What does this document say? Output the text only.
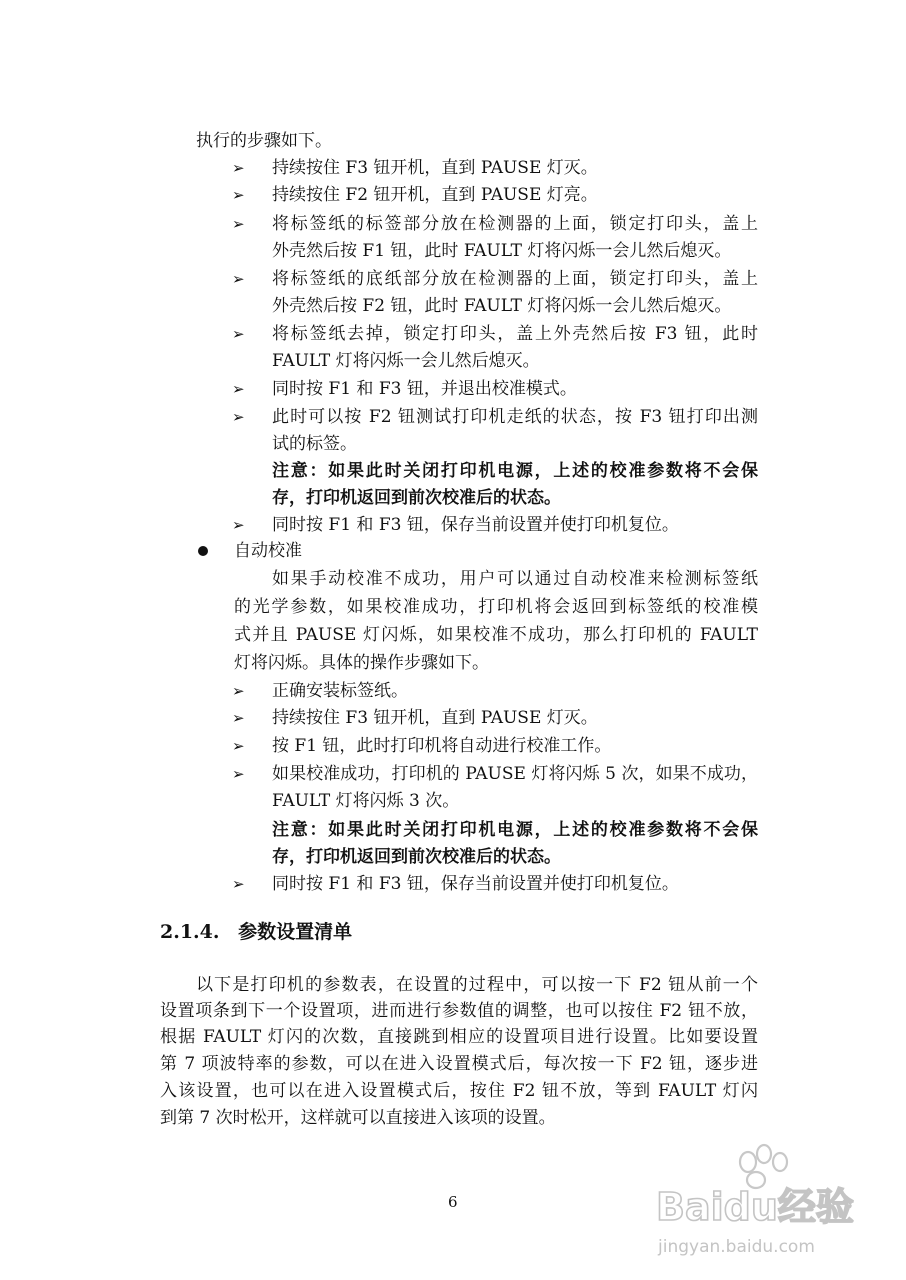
执行的步骤如下。
➢ 持续按住 F3 钮开机，直到 PAUSE 灯灭。
➢ 持续按住 F2 钮开机，直到 PAUSE 灯亮。
➢ 将标签纸的标签部分放在检测器的上面，锁定打印头，盖上
外壳然后按 F1 钮，此时 FAULT 灯将闪烁一会儿然后熄灭。
➢ 将标签纸的底纸部分放在检测器的上面，锁定打印头，盖上
外壳然后按 F2 钮，此时 FAULT 灯将闪烁一会儿然后熄灭。
➢ 将标签纸去掉，锁定打印头，盖上外壳然后按 F3 钮，此时
FAULT 灯将闪烁一会儿然后熄灭。
➢ 同时按 F1 和 F3 钮，并退出校准模式。
➢ 此时可以按 F2 钮测试打印机走纸的状态，按 F3 钮打印出测
试的标签。
注意：如果此时关闭打印机电源，上述的校准参数将不会保
存，打印机返回到前次校准后的状态。
➢ 同时按 F1 和 F3 钮，保存当前设置并使打印机复位。
自动校准
如果手动校准不成功，用户可以通过自动校准来检测标签纸
的光学参数，如果校准成功，打印机将会返回到标签纸的校准模
式并且 PAUSE 灯闪烁，如果校准不成功，那么打印机的 FAULT
灯将闪烁。具体的操作步骤如下。
➢ 正确安装标签纸。
➢ 持续按住 F3 钮开机，直到 PAUSE 灯灭。
➢ 按 F1 钮，此时打印机将自动进行校准工作。
➢ 如果校准成功，打印机的 PAUSE 灯将闪烁 5 次，如果不成功，
FAULT 灯将闪烁 3 次。
注意：如果此时关闭打印机电源，上述的校准参数将不会保
存，打印机返回到前次校准后的状态。
➢ 同时按 F1 和 F3 钮，保存当前设置并使打印机复位。
2.1.4. 参数设置清单
以下是打印机的参数表，在设置的过程中，可以按一下 F2 钮从前一个
设置项条到下一个设置项，进而进行参数值的调整，也可以按住 F2 钮不放，
根据 FAULT 灯闪的次数，直接跳到相应的设置项目进行设置。比如要设置
第 7 项波特率的参数，可以在进入设置模式后，每次按一下 F2 钮，逐步进
入该设置，也可以在进入设置模式后，按住 F2 钮不放，等到 FAULT 灯闪
到第 7 次时松开，这样就可以直接进入该项的设置。
6	Baidu经验
jingyan.baidu.com
